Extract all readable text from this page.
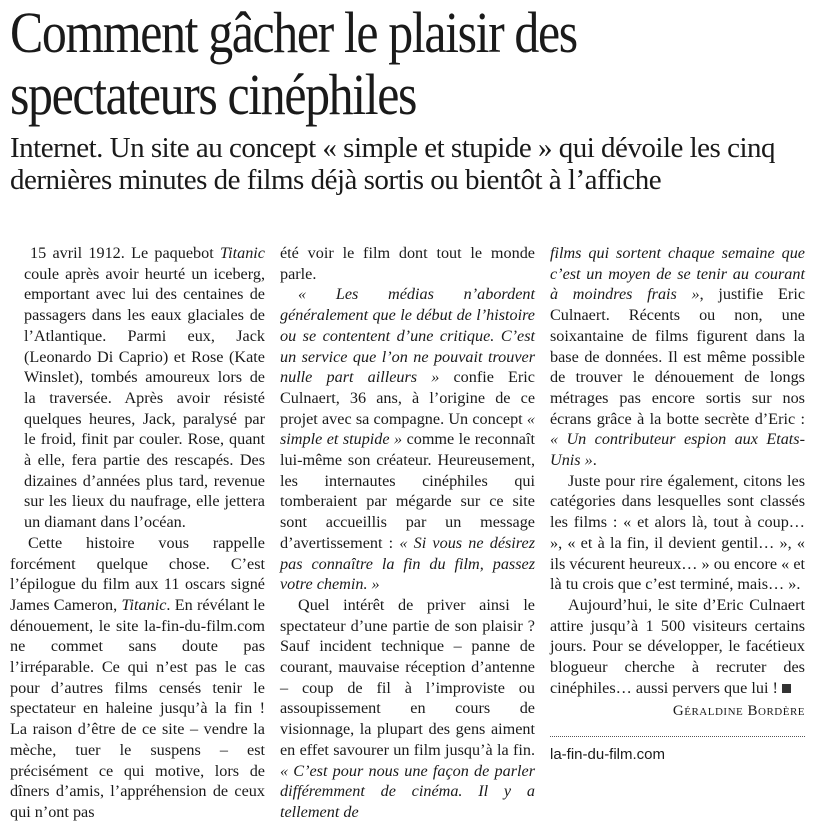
Comment gâcher le plaisir des spectateurs cinéphiles

Internet. Un site au concept « simple et stupide » qui dévoile les cinq dernières minutes de films déjà sortis ou bientôt à l’affiche

15 avril 1912. Le paquebot Titanic coule après avoir heurté un iceberg, emportant avec lui des centaines de passagers dans les eaux glaciales de l’Atlantique. Parmi eux, Jack (Leonardo Di Caprio) et Rose (Kate Winslet), tombés amoureux lors de la traversée. Après avoir résisté quelques heures, Jack, paralysé par le froid, finit par couler. Rose, quant à elle, fera partie des rescapés. Des dizaines d’années plus tard, revenue sur les lieux du naufrage, elle jettera un diamant dans l’océan.

Cette histoire vous rappelle forcément quelque chose. C’est l’épilogue du film aux 11 oscars signé James Cameron, Titanic. En révélant le dénouement, le site la-fin-du-film.com ne commet sans doute pas l’irréparable. Ce qui n’est pas le cas pour d’autres films censés tenir le spectateur en haleine jusqu’à la fin ! La raison d’être de ce site – vendre la mèche, tuer le suspens – est précisément ce qui motive, lors de dîners d’amis, l’appréhension de ceux qui n’ont pas

été voir le film dont tout le monde parle.

« Les médias n’abordent généralement que le début de l’histoire ou se contentent d’une critique. C’est un service que l’on ne pouvait trouver nulle part ailleurs » confie Eric Culnaert, 36 ans, à l’origine de ce projet avec sa compagne. Un concept « simple et stupide » comme le reconnaît lui-même son créateur. Heureusement, les internautes cinéphiles qui tomberaient par mégarde sur ce site sont accueillis par un message d’avertissement : « Si vous ne désirez pas connaître la fin du film, passez votre chemin. »

Quel intérêt de priver ainsi le spectateur d’une partie de son plaisir ? Sauf incident technique – panne de courant, mauvaise réception d’antenne – coup de fil à l’improviste ou assoupissement en cours de visionnage, la plupart des gens aiment en effet savourer un film jusqu’à la fin. « C’est pour nous une façon de parler différemment de cinéma. Il y a tellement de

films qui sortent chaque semaine que c’est un moyen de se tenir au courant à moindres frais », justifie Eric Culnaert. Récents ou non, une soixantaine de films figurent dans la base de données. Il est même possible de trouver le dénouement de longs métrages pas encore sortis sur nos écrans grâce à la botte secrète d’Eric : « Un contributeur espion aux Etats-Unis ».

Juste pour rire également, citons les catégories dans lesquelles sont classés les films : « et alors là, tout à coup… », « et à la fin, il devient gentil… », « ils vécurent heureux… » ou encore « et là tu crois que c’est terminé, mais… ».

Aujourd’hui, le site d’Eric Culnaert attire jusqu’à 1 500 visiteurs certains jours. Pour se développer, le facétieux blogueur cherche à recruter des cinéphiles… aussi pervers que lui !

Géraldine Bordère
la-fin-du-film.com
